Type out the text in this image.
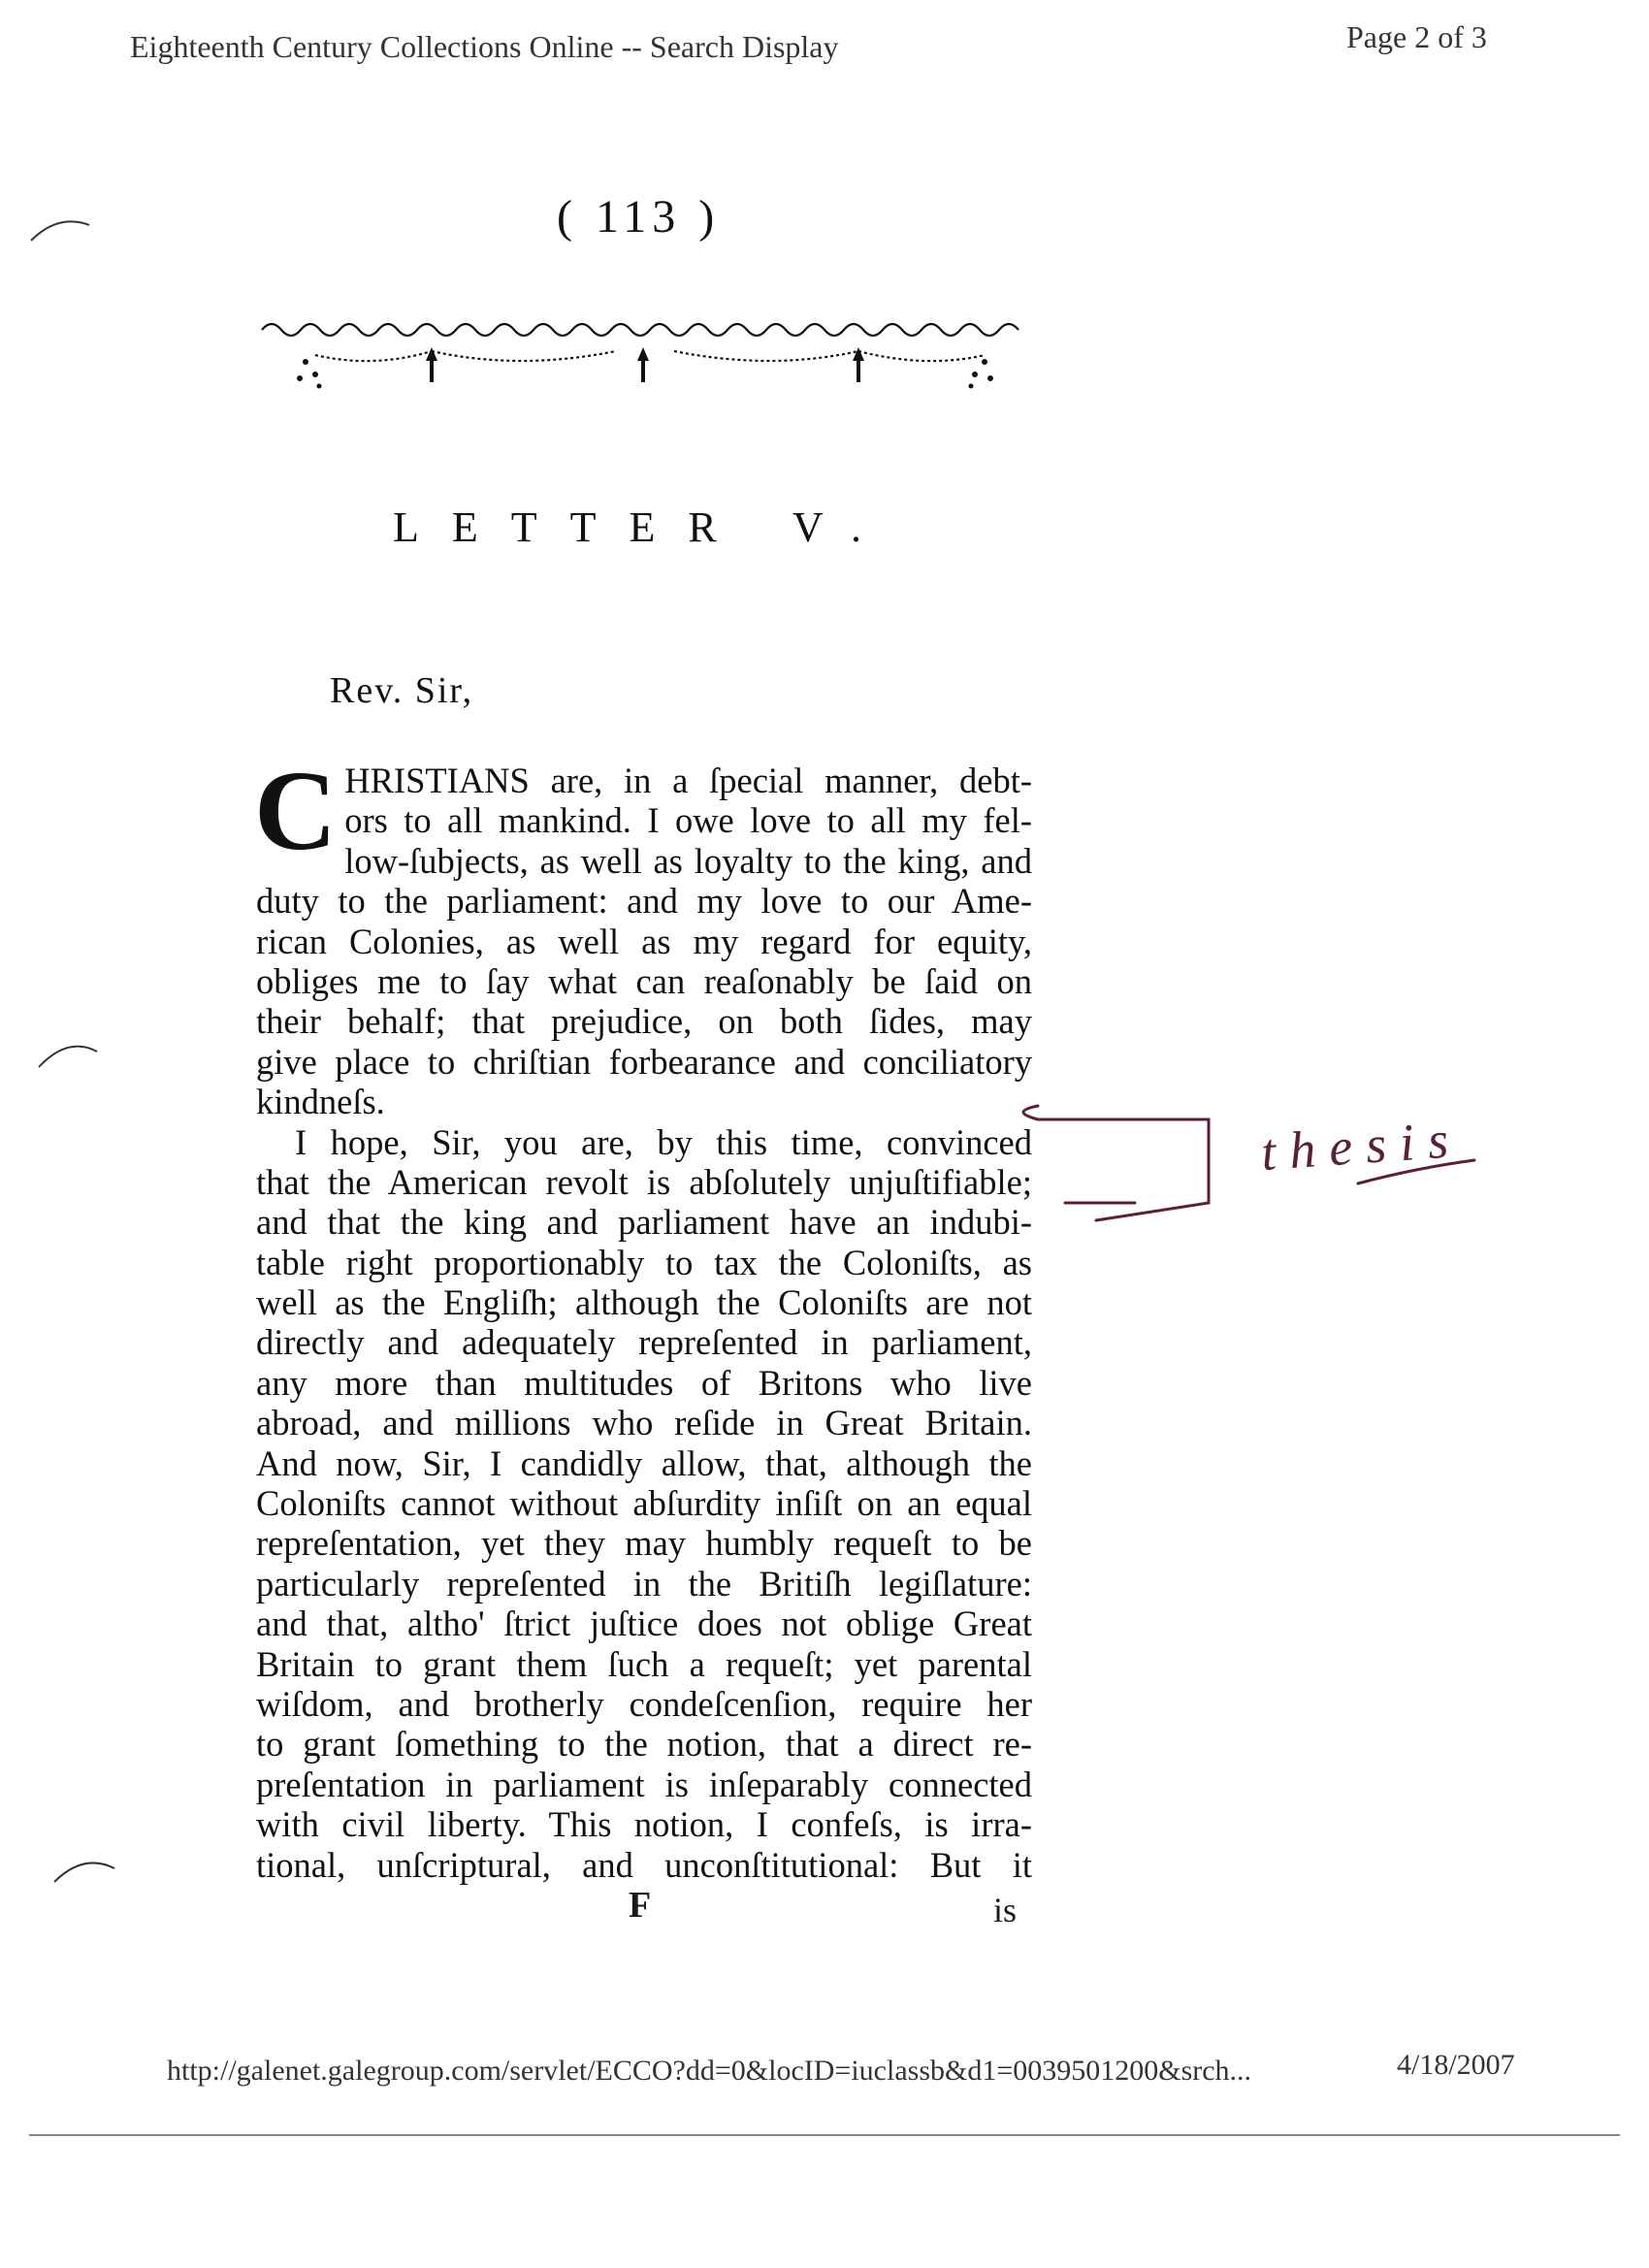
Eighteenth Century Collections Online -- Search Display	Page 2 of 3
( 113 )
LETTER V.
Rev. Sir,
C HRISTIANS are, in a ſpecial manner, debt-
ors to all mankind. I owe love to all my fel-
low-ſubjects, as well as loyalty to the king, and
duty to the parliament: and my love to our Ame-
rican Colonies, as well as my regard for equity,
obliges me to ſay what can reaſonably be ſaid on
their behalf; that prejudice, on both ſides, may
give place to chriſtian forbearance and conciliatory
kindneſs.
I hope, Sir, you are, by this time, convinced
that the American revolt is abſolutely unjuſtifiable;
and that the king and parliament have an indubi-
table right proportionably to tax the Coloniſts, as
well as the Engliſh; although the Coloniſts are not
directly and adequately repreſented in parliament,
any more than multitudes of Britons who live
abroad, and millions who reſide in Great Britain.
And now, Sir, I candidly allow, that, although the
Coloniſts cannot without abſurdity inſiſt on an equal
repreſentation, yet they may humbly requeſt to be
particularly repreſented in the Britiſh legiſlature:
and that, altho' ſtrict juſtice does not oblige Great
Britain to grant them ſuch a requeſt; yet parental
wiſdom, and brotherly condeſcenſion, require her
to grant ſomething to the notion, that a direct re-
preſentation in parliament is inſeparably connected
with civil liberty. This notion, I confeſs, is irra-
tional, unſcriptural, and unconſtitutional: But it
F	is
thesis
http://galenet.galegroup.com/servlet/ECCO?dd=0&locID=iuclassb&d1=0039501200&srch...	4/18/2007
